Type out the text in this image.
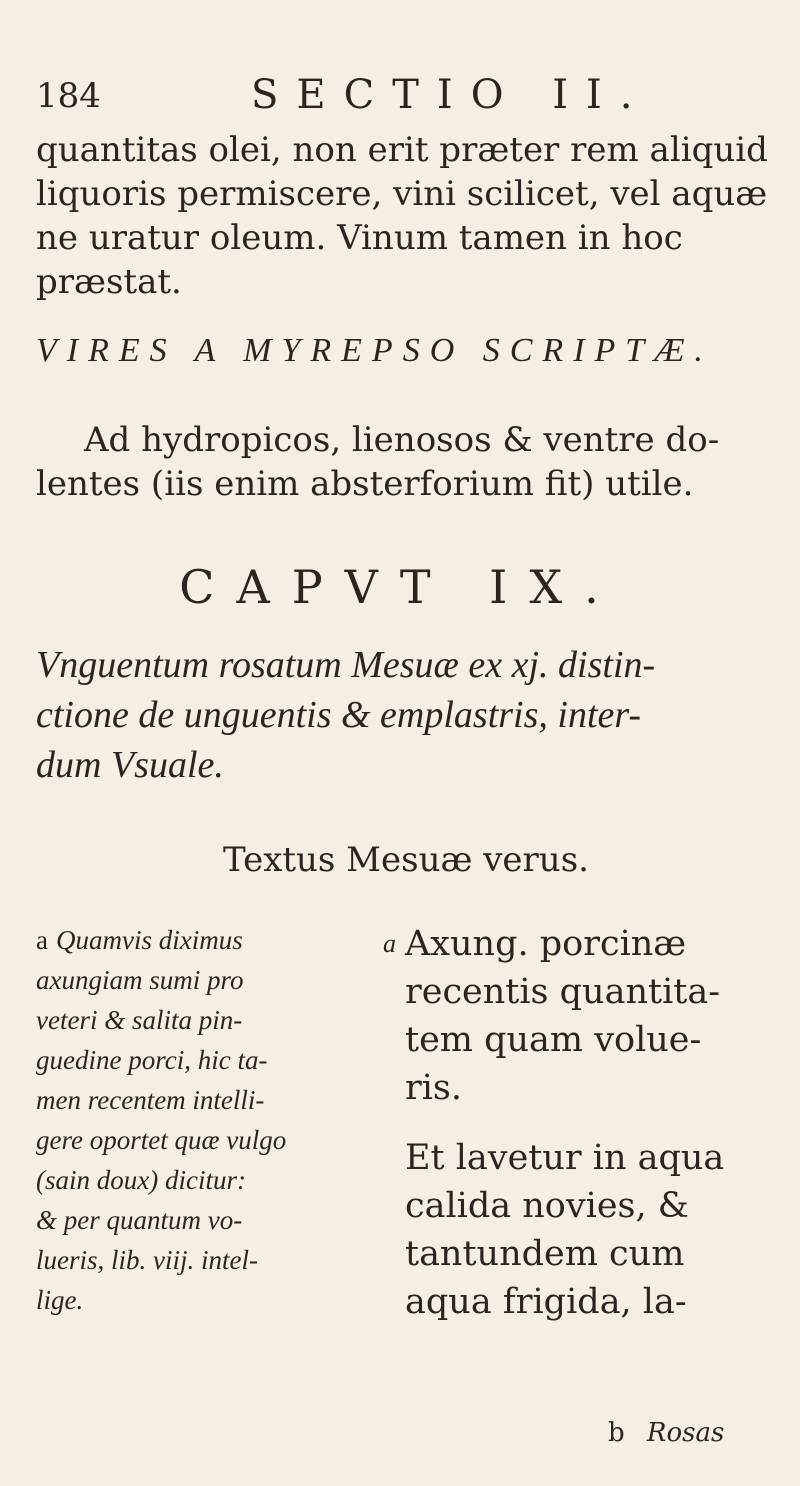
184	SECTIO II.
quantitas olei, non erit præter rem aliquid
liquoris permiscere, vini scilicet, vel aquæ
ne uratur oleum. Vinum tamen in hoc
præstat.
VIRES A MYREPSO SCRIPTÆ.
Ad hydropicos, lienosos & ventre do-
lentes (iis enim absterforium fit) utile.
CAPVT IX.
Vnguentum rosatum Mesuæ ex xj. distin-
ctione de unguentis & emplastris, inter-
dum Vsuale.
Textus Mesuæ verus.
a Quamvis diximus
axungiam sumi pro
veteri & salita pin-
guedine porci, hic ta-
men recentem intelli-
gere oportet quæ vulgo
(sain doux) dicitur:
& per quantum vo-
lueris, lib. viij. intel-
lige.
a Axung. porcinæ
recentis quantita-
tem quam volue-
ris.
Et lavetur in aqua
calida novies, &
tantundem cum
aqua frigida, la-
b Rosas
